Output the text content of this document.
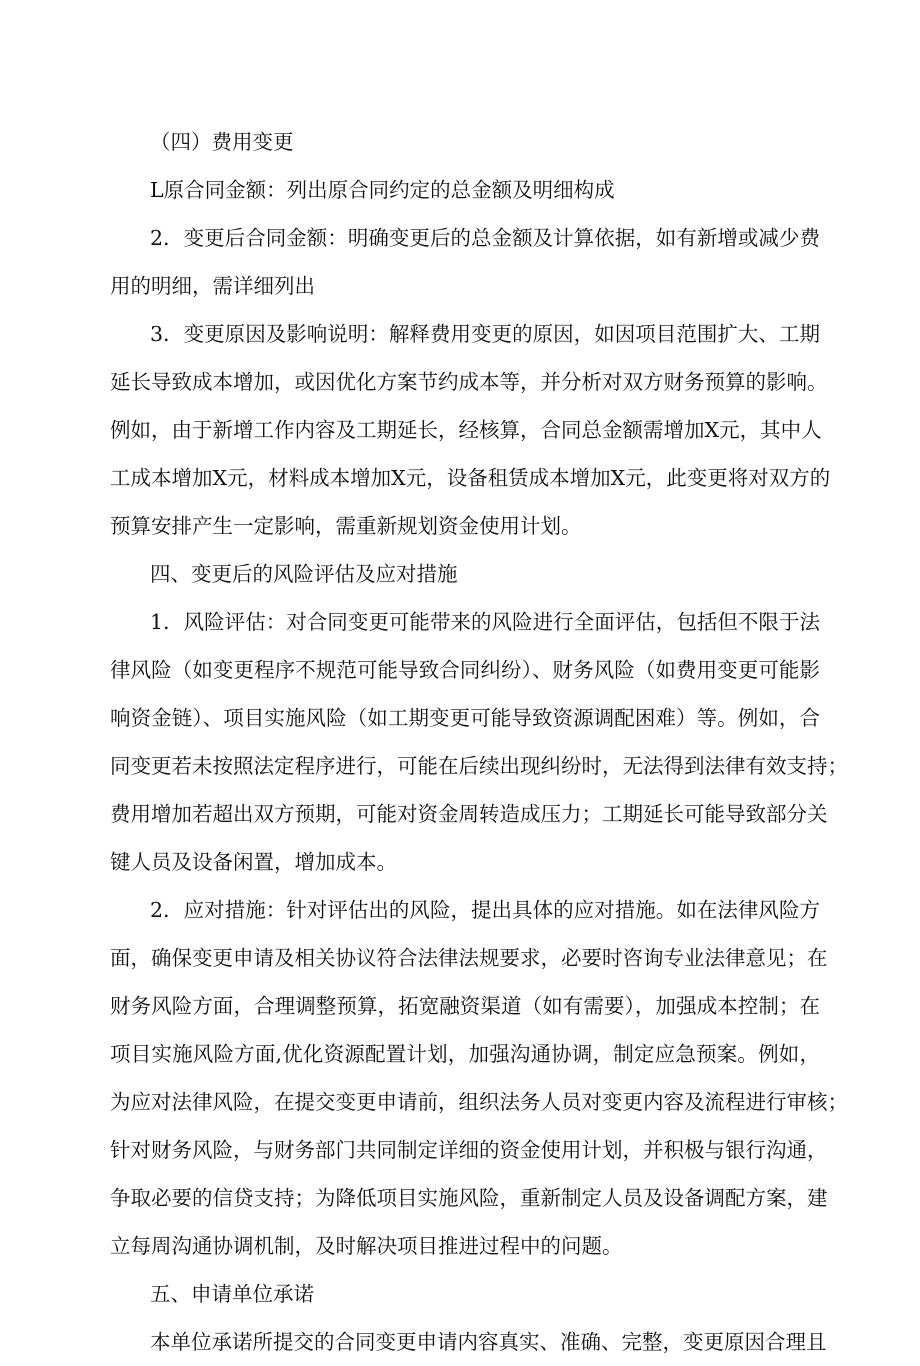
（四）费用变更
L原合同金额：列出原合同约定的总金额及明细构成
2．变更后合同金额：明确变更后的总金额及计算依据，如有新增或减少费
用的明细，需详细列出
3．变更原因及影响说明：解释费用变更的原因，如因项目范围扩大、工期
延长导致成本增加，或因优化方案节约成本等，并分析对双方财务预算的影响。
例如，由于新增工作内容及工期延长，经核算，合同总金额需增加X元，其中人
工成本增加X元，材料成本增加X元，设备租赁成本增加X元，此变更将对双方的
预算安排产生一定影响，需重新规划资金使用计划。
四、变更后的风险评估及应对措施
1．风险评估：对合同变更可能带来的风险进行全面评估，包括但不限于法
律风险（如变更程序不规范可能导致合同纠纷）、财务风险（如费用变更可能影
响资金链）、项目实施风险（如工期变更可能导致资源调配困难）等。例如，合
同变更若未按照法定程序进行，可能在后续出现纠纷时，无法得到法律有效支持；
费用增加若超出双方预期，可能对资金周转造成压力；工期延长可能导致部分关
键人员及设备闲置，增加成本。
2．应对措施：针对评估出的风险，提出具体的应对措施。如在法律风险方
面，确保变更申请及相关协议符合法律法规要求，必要时咨询专业法律意见；在
财务风险方面，合理调整预算，拓宽融资渠道（如有需要），加强成本控制；在
项目实施风险方面,优化资源配置计划，加强沟通协调，制定应急预案。例如，
为应对法律风险，在提交变更申请前，组织法务人员对变更内容及流程进行审核；
针对财务风险，与财务部门共同制定详细的资金使用计划，并积极与银行沟通，
争取必要的信贷支持；为降低项目实施风险，重新制定人员及设备调配方案，建
立每周沟通协调机制，及时解决项目推进过程中的问题。
五、申请单位承诺
本单位承诺所提交的合同变更申请内容真实、准确、完整，变更原因合理且
